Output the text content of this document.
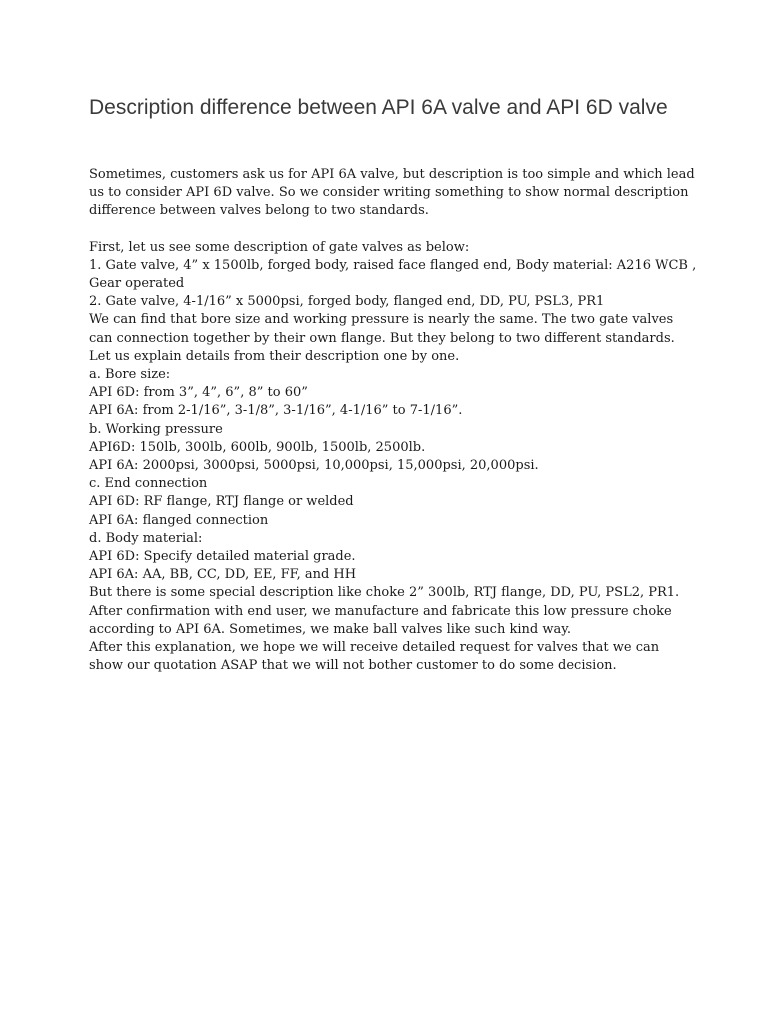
Description difference between API 6A valve and API 6D valve

Sometimes, customers ask us for API 6A valve, but description is too simple and which lead
us to consider API 6D valve. So we consider writing something to show normal description
difference between valves belong to two standards.

First, let us see some description of gate valves as below:
1. Gate valve, 4” x 1500lb, forged body, raised face flanged end, Body material: A216 WCB ,
Gear operated
2. Gate valve, 4-1/16” x 5000psi, forged body, flanged end, DD, PU, PSL3, PR1
We can find that bore size and working pressure is nearly the same. The two gate valves
can connection together by their own flange. But they belong to two different standards.
Let us explain details from their description one by one.
a. Bore size:
API 6D: from 3”, 4”, 6”, 8” to 60”
API 6A: from 2-1/16”, 3-1/8”, 3-1/16”, 4-1/16” to 7-1/16”.
b. Working pressure
API6D: 150lb, 300lb, 600lb, 900lb, 1500lb, 2500lb.
API 6A: 2000psi, 3000psi, 5000psi, 10,000psi, 15,000psi, 20,000psi.
c. End connection
API 6D: RF flange, RTJ flange or welded
API 6A: flanged connection
d. Body material:
API 6D: Specify detailed material grade.
API 6A: AA, BB, CC, DD, EE, FF, and HH
But there is some special description like choke 2” 300lb, RTJ flange, DD, PU, PSL2, PR1.
After confirmation with end user, we manufacture and fabricate this low pressure choke
according to API 6A. Sometimes, we make ball valves like such kind way.
After this explanation, we hope we will receive detailed request for valves that we can
show our quotation ASAP that we will not bother customer to do some decision.
